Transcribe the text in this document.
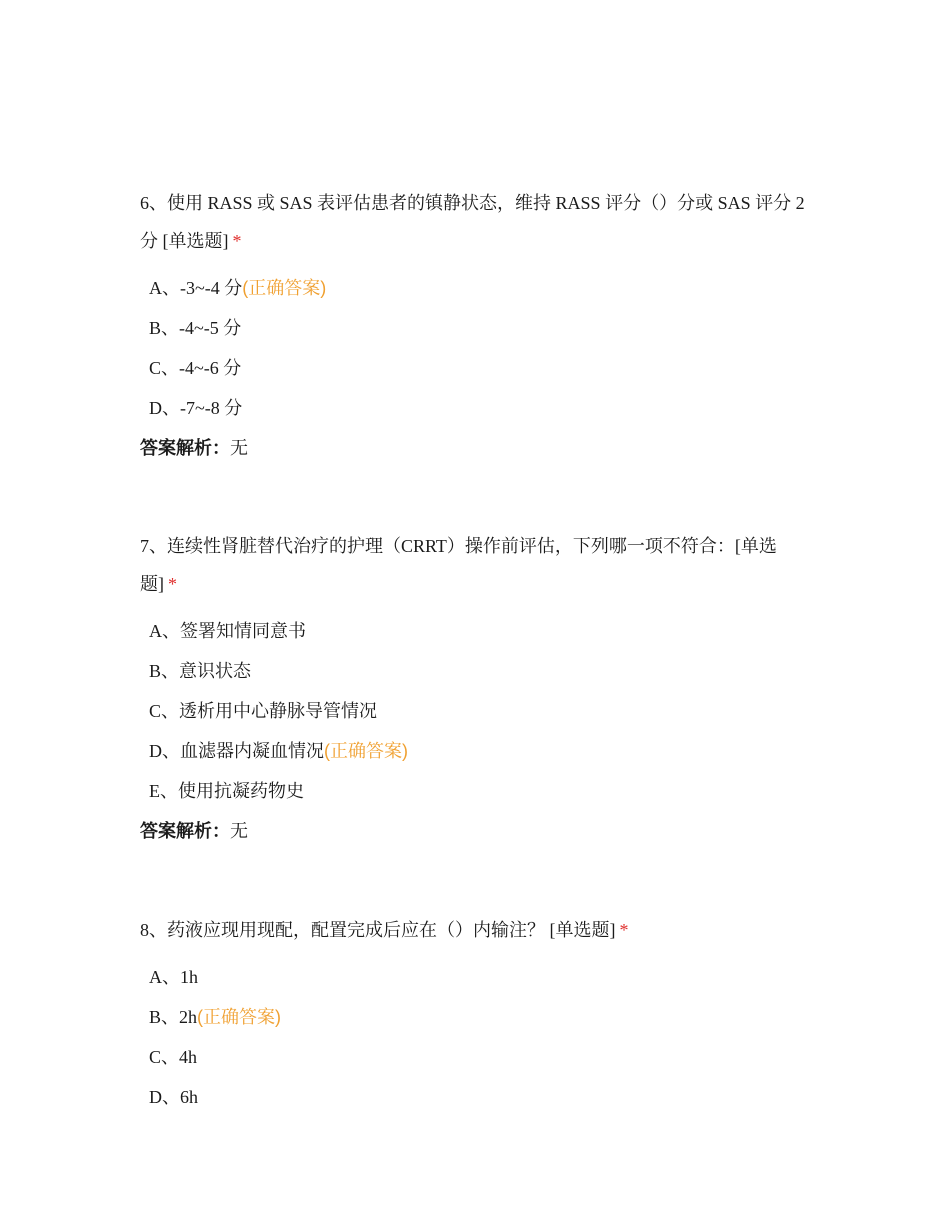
6、使用 RASS 或 SAS 表评估患者的镇静状态，维持 RASS 评分（）分或 SAS 评分 2 分 [单选题] *

A、-3~-4 分(正确答案)
B、-4~-5 分
C、-4~-6 分
D、-7~-8 分
答案解析：无

7、连续性肾脏替代治疗的护理（CRRT）操作前评估，下列哪一项不符合：[单选题] *

A、签署知情同意书
B、意识状态
C、透析用中心静脉导管情况
D、血滤器内凝血情况(正确答案)
E、使用抗凝药物史
答案解析：无

8、药液应现用现配，配置完成后应在（）内输注？ [单选题] *

A、1h
B、2h(正确答案)
C、4h
D、6h
